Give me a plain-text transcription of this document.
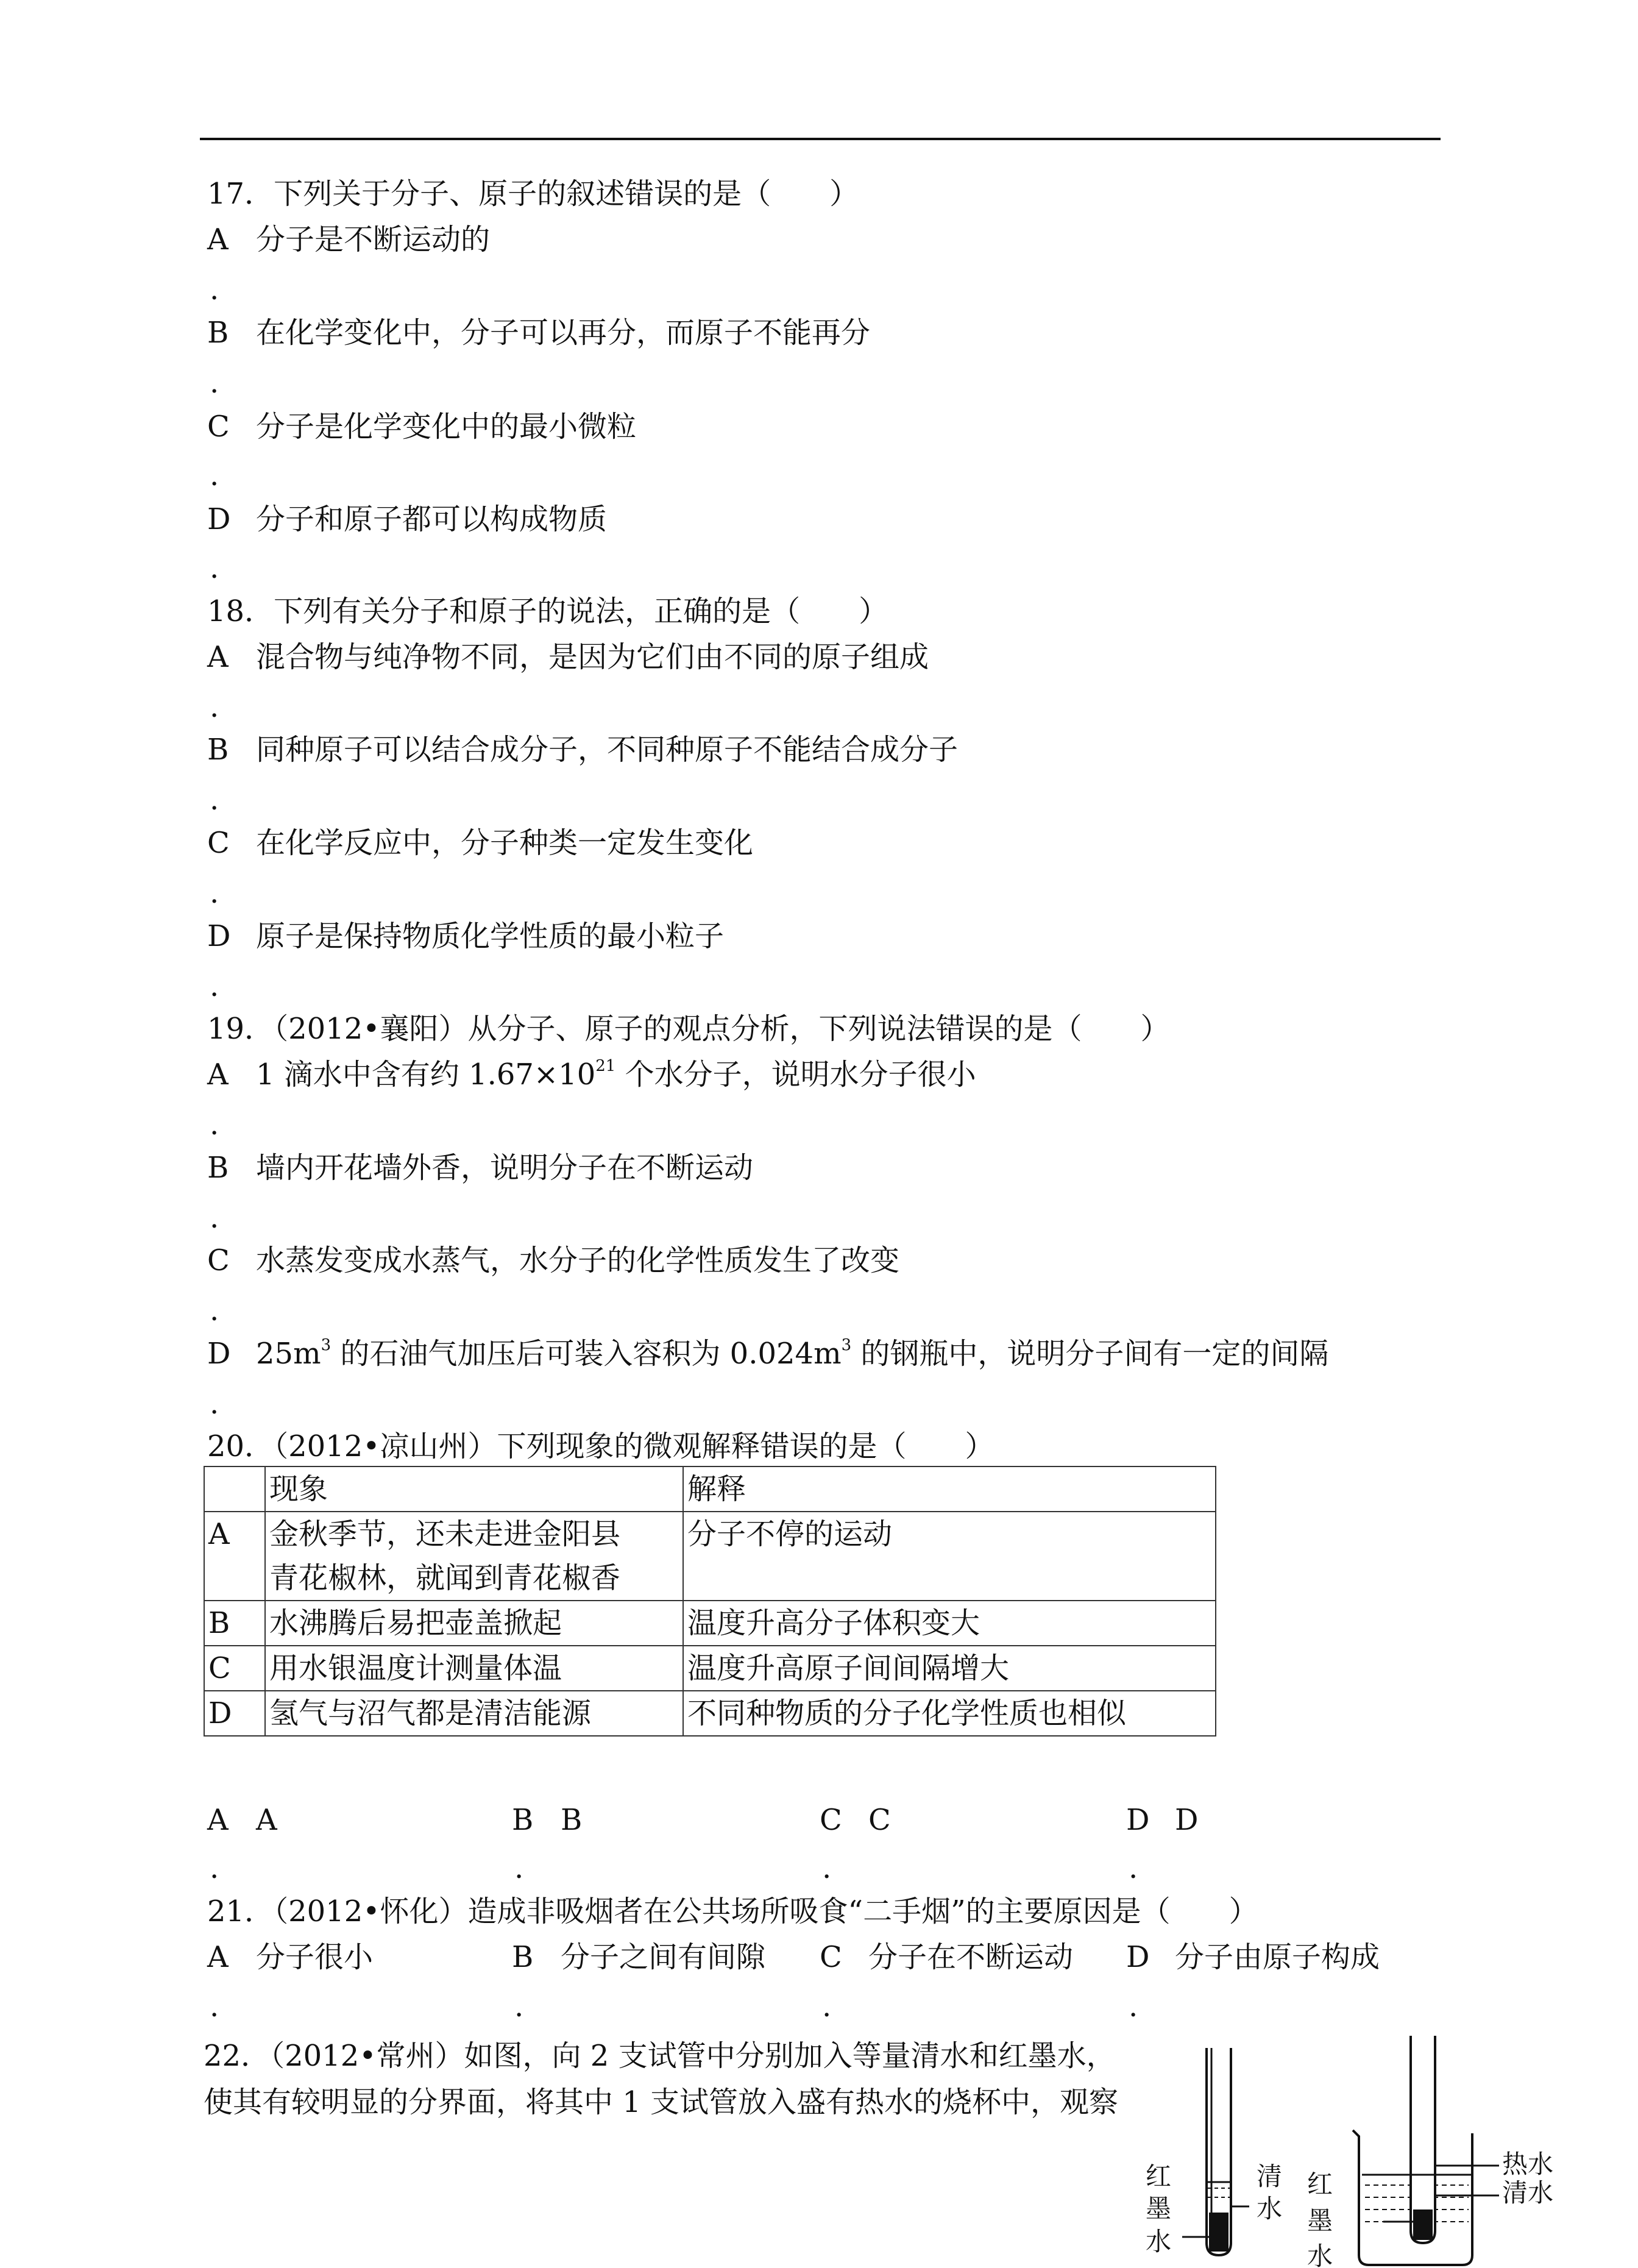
17．下列关于分子、原子的叙述错误的是（　　）
A 分子是不断运动的
.
B 在化学变化中，分子可以再分，而原子不能再分
.
C 分子是化学变化中的最小微粒
.
D 分子和原子都可以构成物质
.
18．下列有关分子和原子的说法，正确的是（　　）
A 混合物与纯净物不同，是因为它们由不同的原子组成
.
B 同种原子可以结合成分子，不同种原子不能结合成分子
.
C 在化学反应中，分子种类一定发生变化
.
D 原子是保持物质化学性质的最小粒子
.
19．（2012•襄阳）从分子、原子的观点分析，下列说法错误的是（　　）
A 1 滴水中含有约 $1.67\times 10^{21}$ 个水分子，说明水分子很小
.
B 墙内开花墙外香，说明分子在不断运动
.
C 水蒸发变成水蒸气，水分子的化学性质发生了改变
.
D $25m^3$ 的石油气加压后可装入容积为 $0.024m^3$ 的钢瓶中，说明分子间有一定的间隔
.
20．（2012•凉山州）下列现象的微观解释错误的是（　　）
	现象	解释
A	金秋季节，还未走进金阳县
青花椒林，就闻到青花椒香	分子不停的运动
B	水沸腾后易把壶盖掀起	温度升高分子体积变大
C	用水银温度计测量体温	温度升高原子间间隔增大
D	氢气与沼气都是清洁能源	不同种物质的分子化学性质也相似
A A	B B	C C	D D
.	.	.	.
21．（2012•怀化）造成非吸烟者在公共场所吸食“二手烟”的主要原因是（　　）
A 分子很小	B 分子之间有间隙 C 分子在不断运动 D 分子由原子构成
.	.	.	.
22．（2012•常州）如图，向 2 支试管中分别加入等量清水和红墨水，使其有较明显的分界面，将其中 1 支试管放入盛有热水的烧杯中，观察
红
墨
水
清
水
热水
清水
红
墨
水
